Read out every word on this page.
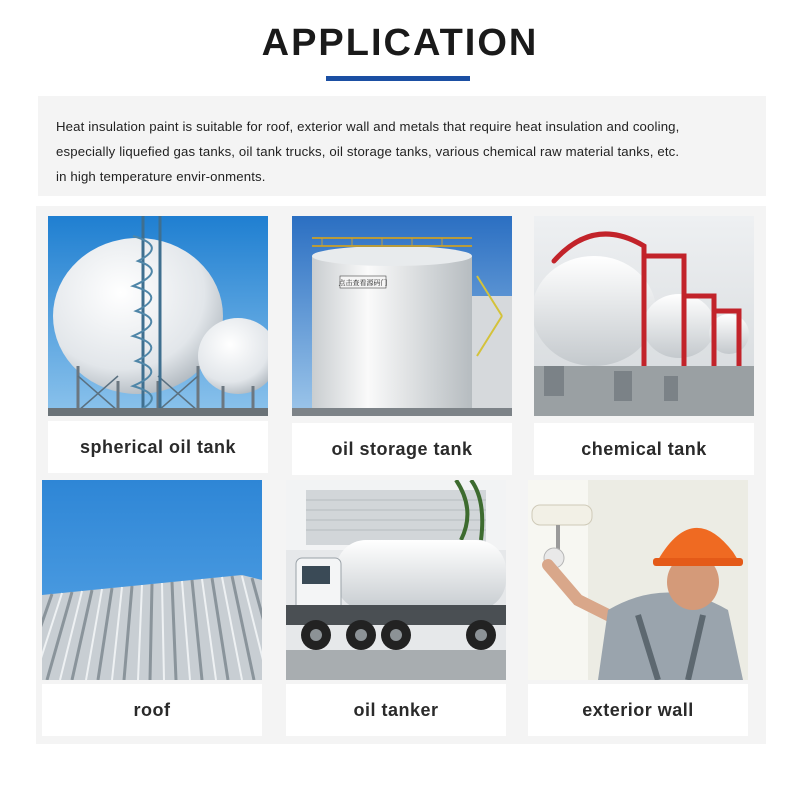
APPLICATION

Heat insulation paint is suitable for roof, exterior wall and metals that require heat insulation and cooling,

especially liquefied gas tanks, oil tank trucks, oil storage tanks, various chemical raw material tanks, etc.

in high temperature envir-onments.

spherical oil tank
点击查看源码门
oil storage tank	chemical tank
roof	oil tanker	exterior wall
